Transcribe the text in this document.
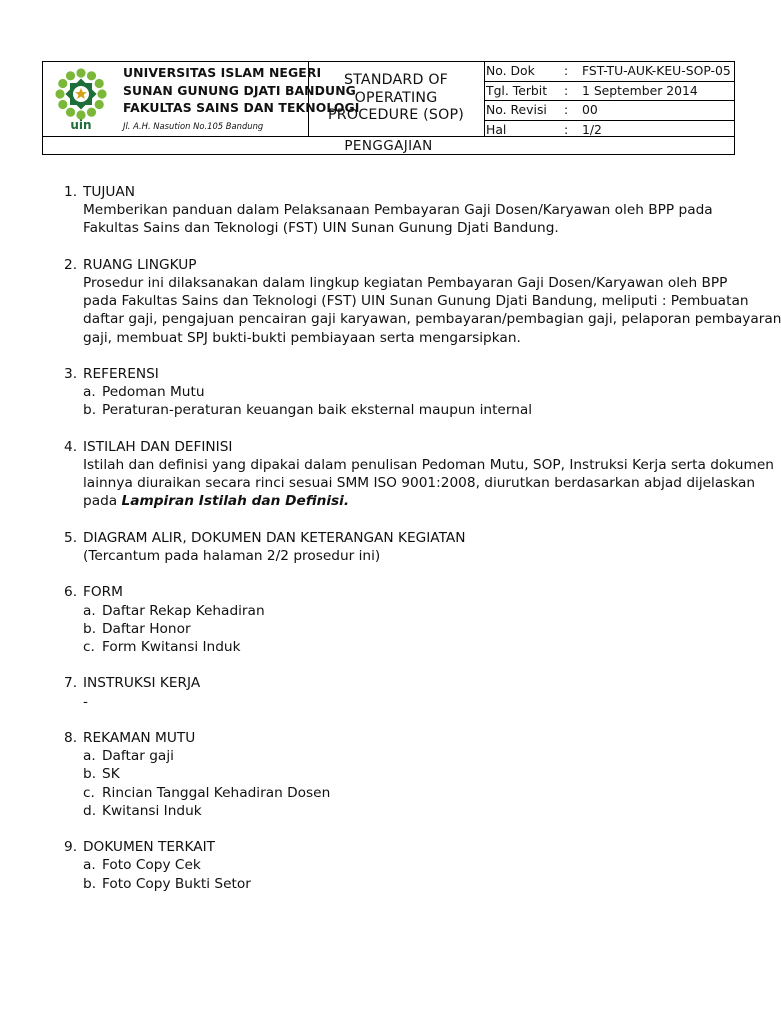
uin
UNIVERSITAS ISLAM NEGERI
SUNAN GUNUNG DJATI BANDUNG
FAKULTAS SAINS DAN TEKNOLOGI
Jl. A.H. Nasution No.105 Bandung
STANDARD OF
OPERATING
PROCEDURE (SOP)
No. Dok : FST-TU-AUK-KEU-SOP-05
Tgl. Terbit : 1 September 2014
No. Revisi : 00
Hal	: 1/2
PENGGAJIAN
1. TUJUAN
Memberikan panduan dalam Pelaksanaan Pembayaran Gaji Dosen/Karyawan oleh BPP pada
Fakultas Sains dan Teknologi (FST) UIN Sunan Gunung Djati Bandung.
2. RUANG LINGKUP
Prosedur ini dilaksanakan dalam lingkup kegiatan Pembayaran Gaji Dosen/Karyawan oleh BPP
pada Fakultas Sains dan Teknologi (FST) UIN Sunan Gunung Djati Bandung, meliputi : Pembuatan
daftar gaji, pengajuan pencairan gaji karyawan, pembayaran/pembagian gaji, pelaporan pembayaran
gaji, membuat SPJ bukti-bukti pembiayaan serta mengarsipkan.
3. REFERENSI
a. Pedoman Mutu
b. Peraturan-peraturan keuangan baik eksternal maupun internal
4. ISTILAH DAN DEFINISI
Istilah dan definisi yang dipakai dalam penulisan Pedoman Mutu, SOP, Instruksi Kerja serta dokumen
lainnya diuraikan secara rinci sesuai SMM ISO 9001:2008, diurutkan berdasarkan abjad dijelaskan
pada Lampiran Istilah dan Definisi.
5. DIAGRAM ALIR, DOKUMEN DAN KETERANGAN KEGIATAN
(Tercantum pada halaman 2/2 prosedur ini)
6. FORM
a. Daftar Rekap Kehadiran
b. Daftar Honor
c. Form Kwitansi Induk
7. INSTRUKSI KERJA
-
8. REKAMAN MUTU
a. Daftar gaji
b. SK
c. Rincian Tanggal Kehadiran Dosen
d. Kwitansi Induk
9. DOKUMEN TERKAIT
a. Foto Copy Cek
b. Foto Copy Bukti Setor
